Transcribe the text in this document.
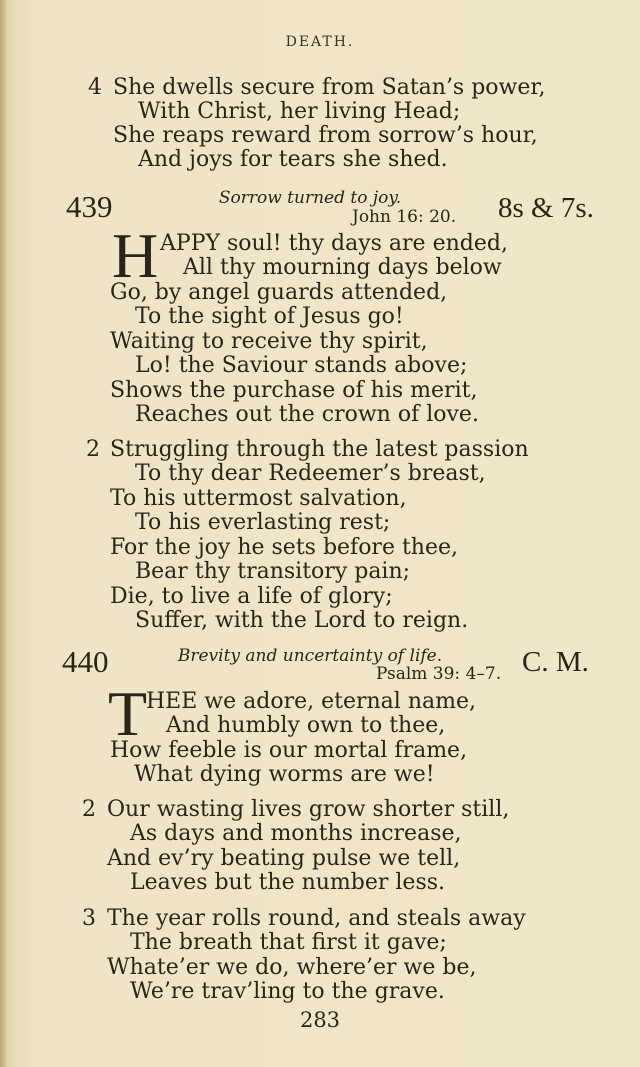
DEATH.
4 She dwells secure from Satan’s power,
With Christ, her living Head;
She reaps reward from sorrow’s hour,
And joys for tears she shed.
439	Sorrow turned to joy.
John 16: 20. 8s & 7s.
H APPY soul! thy days are ended,
All thy mourning days below
Go, by angel guards attended,
To the sight of Jesus go!
Waiting to receive thy spirit,
Lo! the Saviour stands above;
Shows the purchase of his merit,
Reaches out the crown of love.
2 Struggling through the latest passion
To thy dear Redeemer’s breast,
To his uttermost salvation,
To his everlasting rest;
For the joy he sets before thee,
Bear thy transitory pain;
Die, to live a life of glory;
Suffer, with the Lord to reign.
440	Brevity and uncertainty of life.
Psalm 39: 4–7. C. M.
T
HEE we adore, eternal name,
And humbly own to thee,
How feeble is our mortal frame,
What dying worms are we!
2 Our wasting lives grow shorter still,
As days and months increase,
And ev’ry beating pulse we tell,
Leaves but the number less.
3 The year rolls round, and steals away
The breath that first it gave;
Whate’er we do, where’er we be,
We’re trav’ling to the grave.
283
